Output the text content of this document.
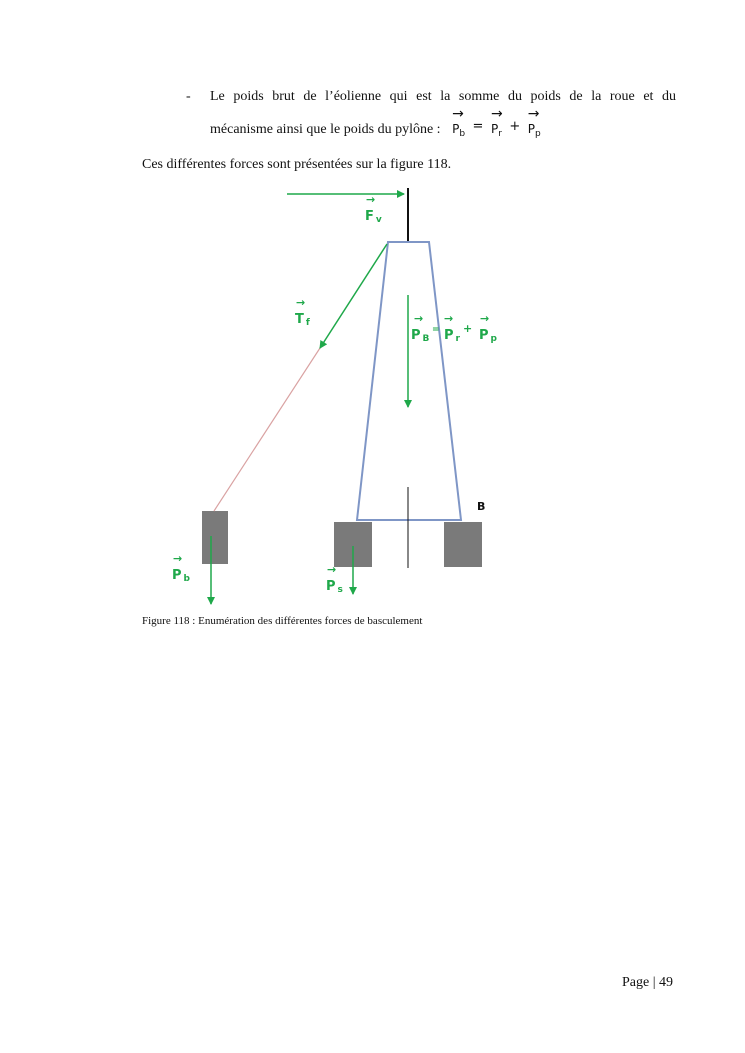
- Le poids brut de l’éolienne qui est la somme du poids de la roue et du
mécanisme ainsi que le poids du pylône :
→
$P_b$ =
→
$P_r$ +
→
$P_p$
Ces différentes forces sont présentées sur la figure 118.
→
F v
→
T f	→
P B
=
→
P r
+
→
P p
→
P b
→
P s
B
Figure 118 : Enumération des différentes forces de basculement
Page | 49
